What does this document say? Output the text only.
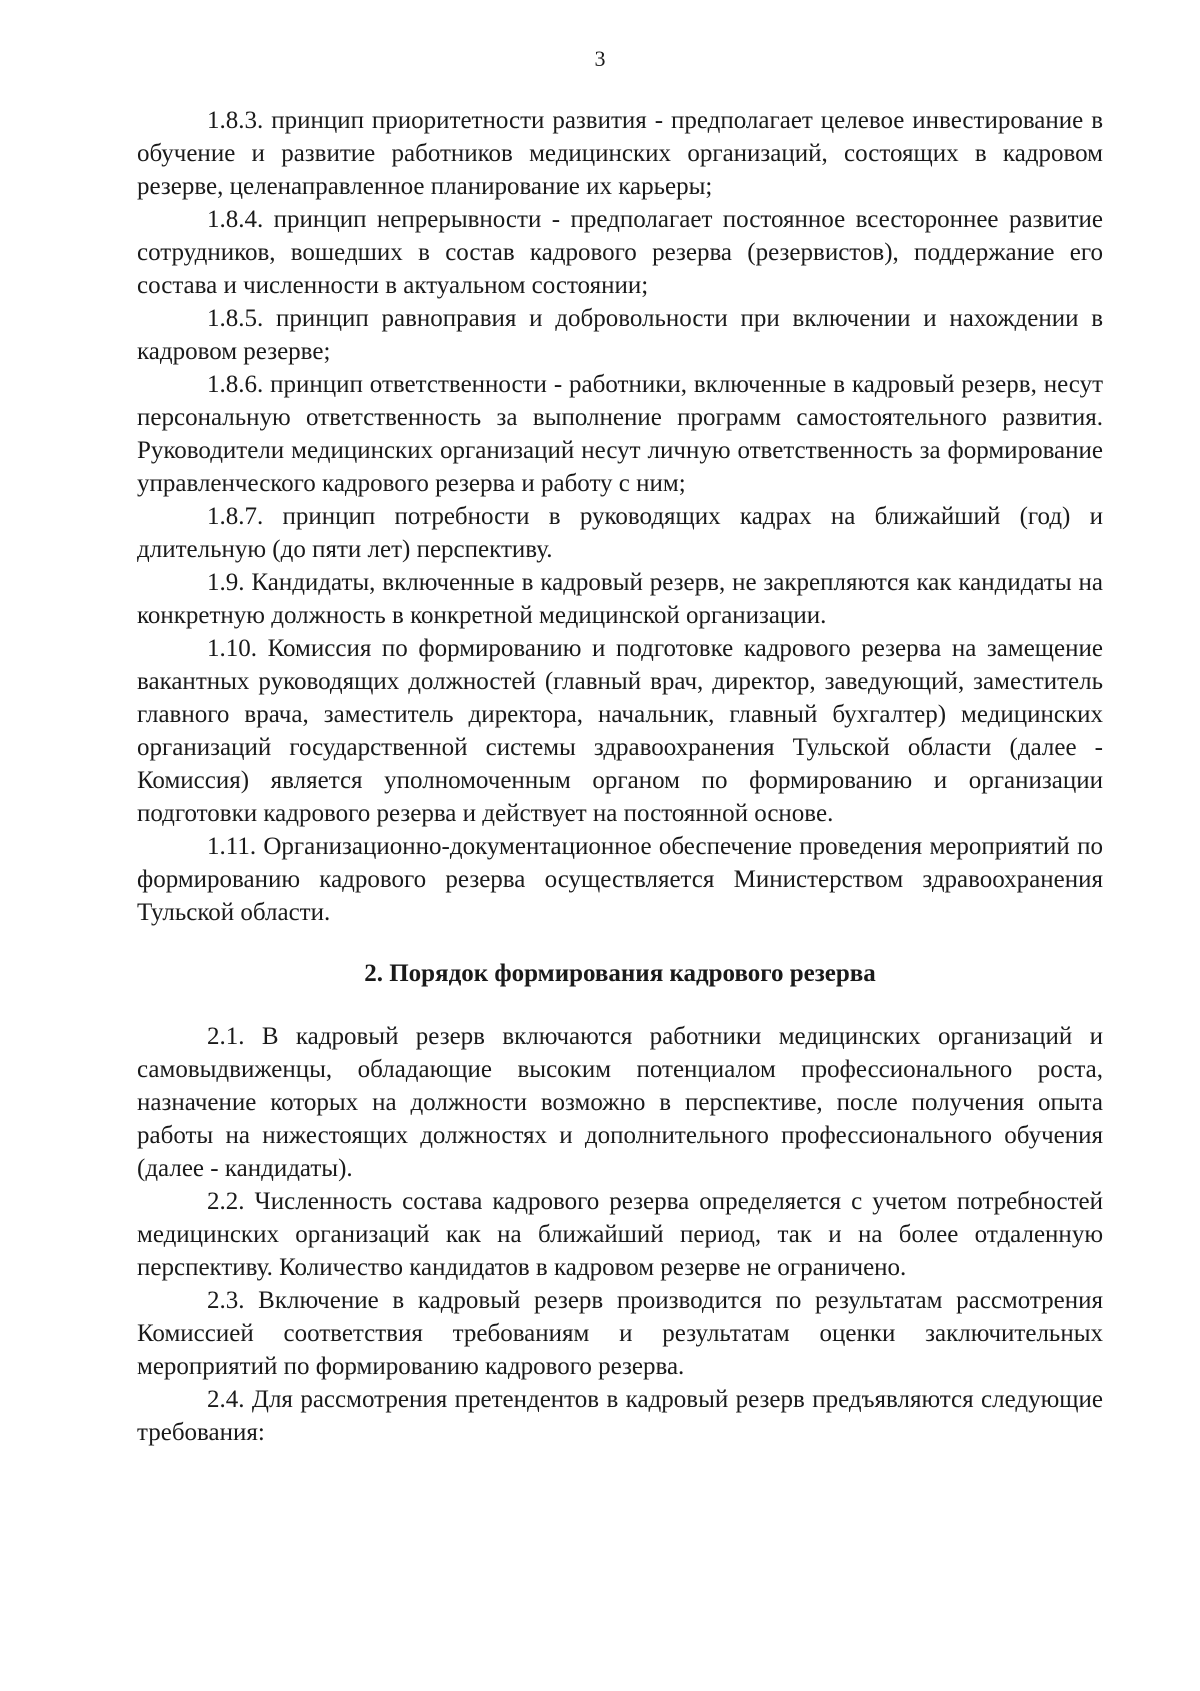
3

1.8.3. принцип приоритетности развития - предполагает целевое инвестирование в обучение и развитие работников медицинских организаций, состоящих в кадровом резерве, целенаправленное планирование их карьеры;

1.8.4. принцип непрерывности - предполагает постоянное всестороннее развитие сотрудников, вошедших в состав кадрового резерва (резервистов), поддержание его состава и численности в актуальном состоянии;

1.8.5. принцип равноправия и добровольности при включении и нахождении в кадровом резерве;

1.8.6. принцип ответственности - работники, включенные в кадровый резерв, несут персональную ответственность за выполнение программ самостоятельного развития. Руководители медицинских организаций несут личную ответственность за формирование управленческого кадрового резерва и работу с ним;

1.8.7. принцип потребности в руководящих кадрах на ближайший (год) и длительную (до пяти лет) перспективу.

1.9. Кандидаты, включенные в кадровый резерв, не закрепляются как кандидаты на конкретную должность в конкретной медицинской организации.

1.10. Комиссия по формированию и подготовке кадрового резерва на замещение вакантных руководящих должностей (главный врач, директор, заведующий, заместитель главного врача, заместитель директора, начальник, главный бухгалтер) медицинских организаций государственной системы здравоохранения Тульской области (далее - Комиссия) является уполномоченным органом по формированию и организации подготовки кадрового резерва и действует на постоянной основе.

1.11. Организационно-документационное обеспечение проведения мероприятий по формированию кадрового резерва осуществляется Министерством здравоохранения Тульской области.

2. Порядок формирования кадрового резерва

2.1. В кадровый резерв включаются работники медицинских организаций и самовыдвиженцы, обладающие высоким потенциалом профессионального роста, назначение которых на должности возможно в перспективе, после получения опыта работы на нижестоящих должностях и дополнительного профессионального обучения (далее - кандидаты).

2.2. Численность состава кадрового резерва определяется с учетом потребностей медицинских организаций как на ближайший период, так и на более отдаленную перспективу. Количество кандидатов в кадровом резерве не ограничено.

2.3. Включение в кадровый резерв производится по результатам рассмотрения Комиссией соответствия требованиям и результатам оценки заключительных мероприятий по формированию кадрового резерва.

2.4. Для рассмотрения претендентов в кадровый резерв предъявляются следующие требования:
